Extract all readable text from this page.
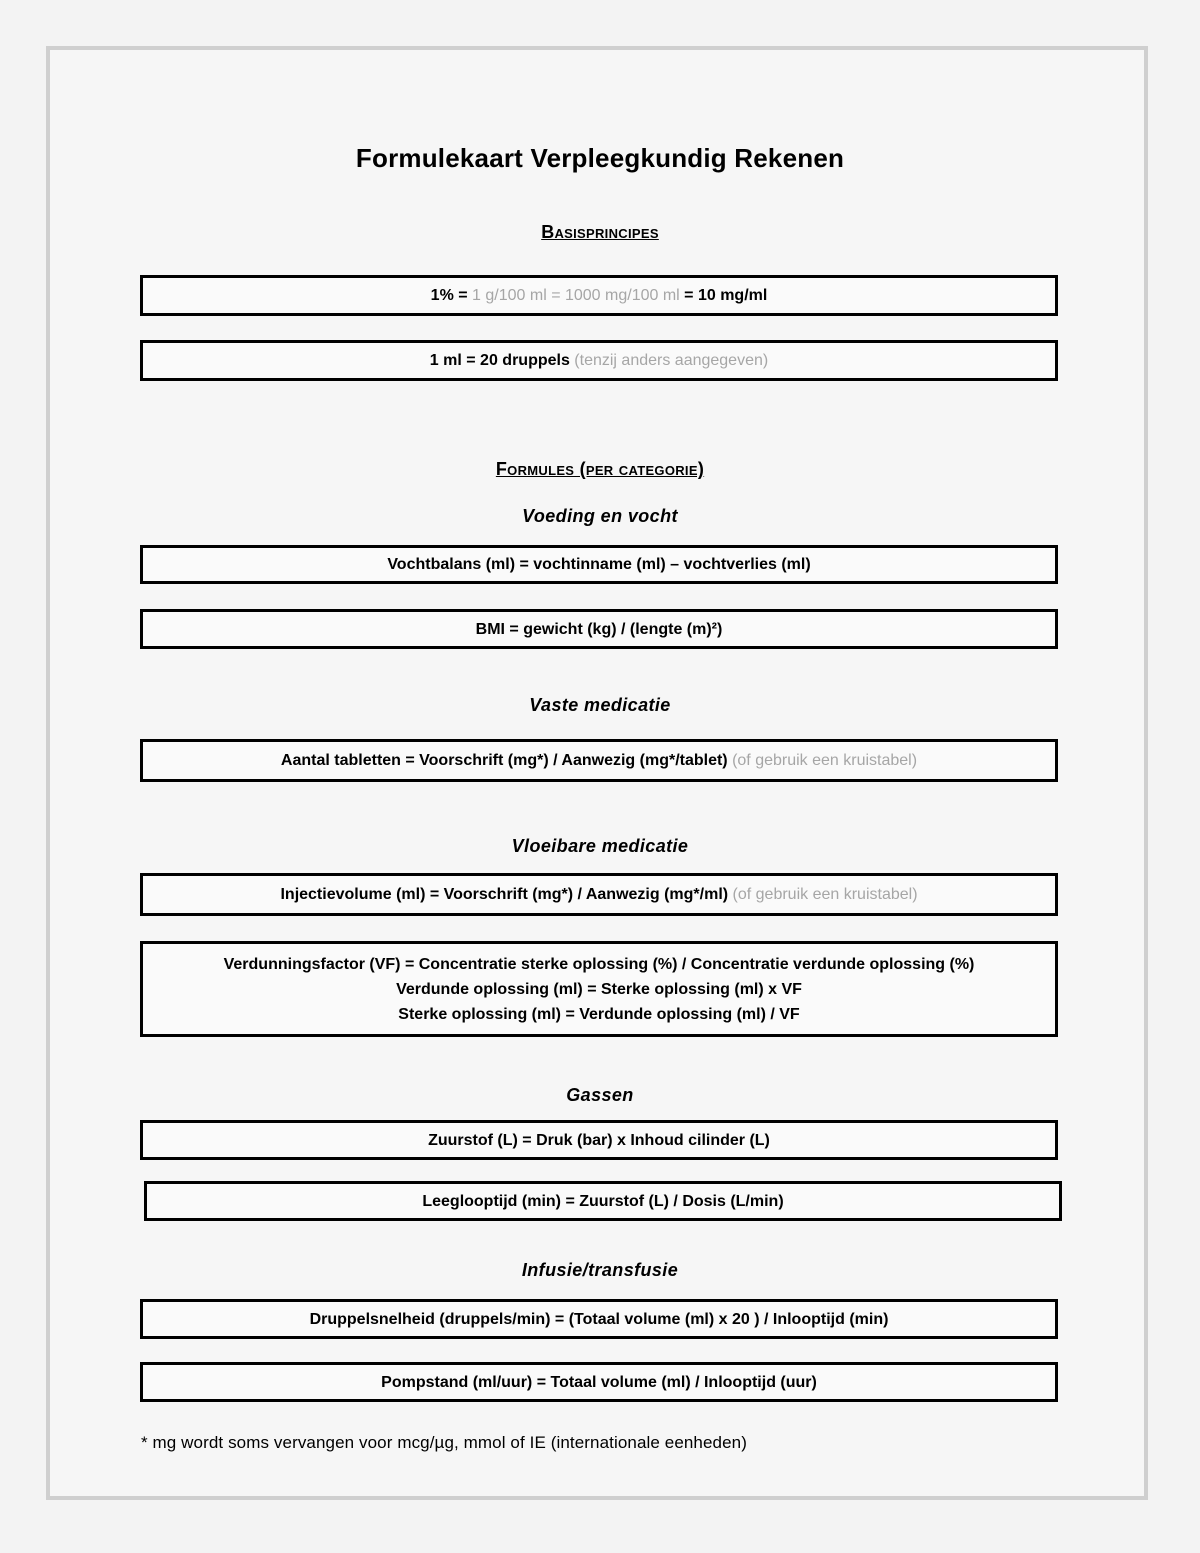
Formulekaart Verpleegkundig Rekenen
Basisprincipes
1% = 1 g/100 ml = 1000 mg/100 ml = 10 mg/ml
1 ml = 20 druppels (tenzij anders aangegeven)
Formules (per categorie)
Voeding en vocht
Vochtbalans (ml) = vochtinname (ml) – vochtverlies (ml)
BMI = gewicht (kg) / (lengte (m)²)
Vaste medicatie
Aantal tabletten = Voorschrift (mg*) / Aanwezig (mg*/tablet) (of gebruik een kruistabel)
Vloeibare medicatie
Injectievolume (ml) = Voorschrift (mg*) / Aanwezig (mg*/ml) (of gebruik een kruistabel)
Verdunningsfactor (VF) = Concentratie sterke oplossing (%) / Concentratie verdunde oplossing (%)
Verdunde oplossing (ml) = Sterke oplossing (ml) x VF
Sterke oplossing (ml) = Verdunde oplossing (ml) / VF
Gassen
Zuurstof (L) = Druk (bar) x Inhoud cilinder (L)
Leeglooptijd (min) = Zuurstof (L) / Dosis (L/min)
Infusie/transfusie
Druppelsnelheid (druppels/min) = (Totaal volume (ml) x 20 ) / Inlooptijd (min)
Pompstand (ml/uur) = Totaal volume (ml) / Inlooptijd (uur)
* mg wordt soms vervangen voor mcg/µg, mmol of IE (internationale eenheden)
